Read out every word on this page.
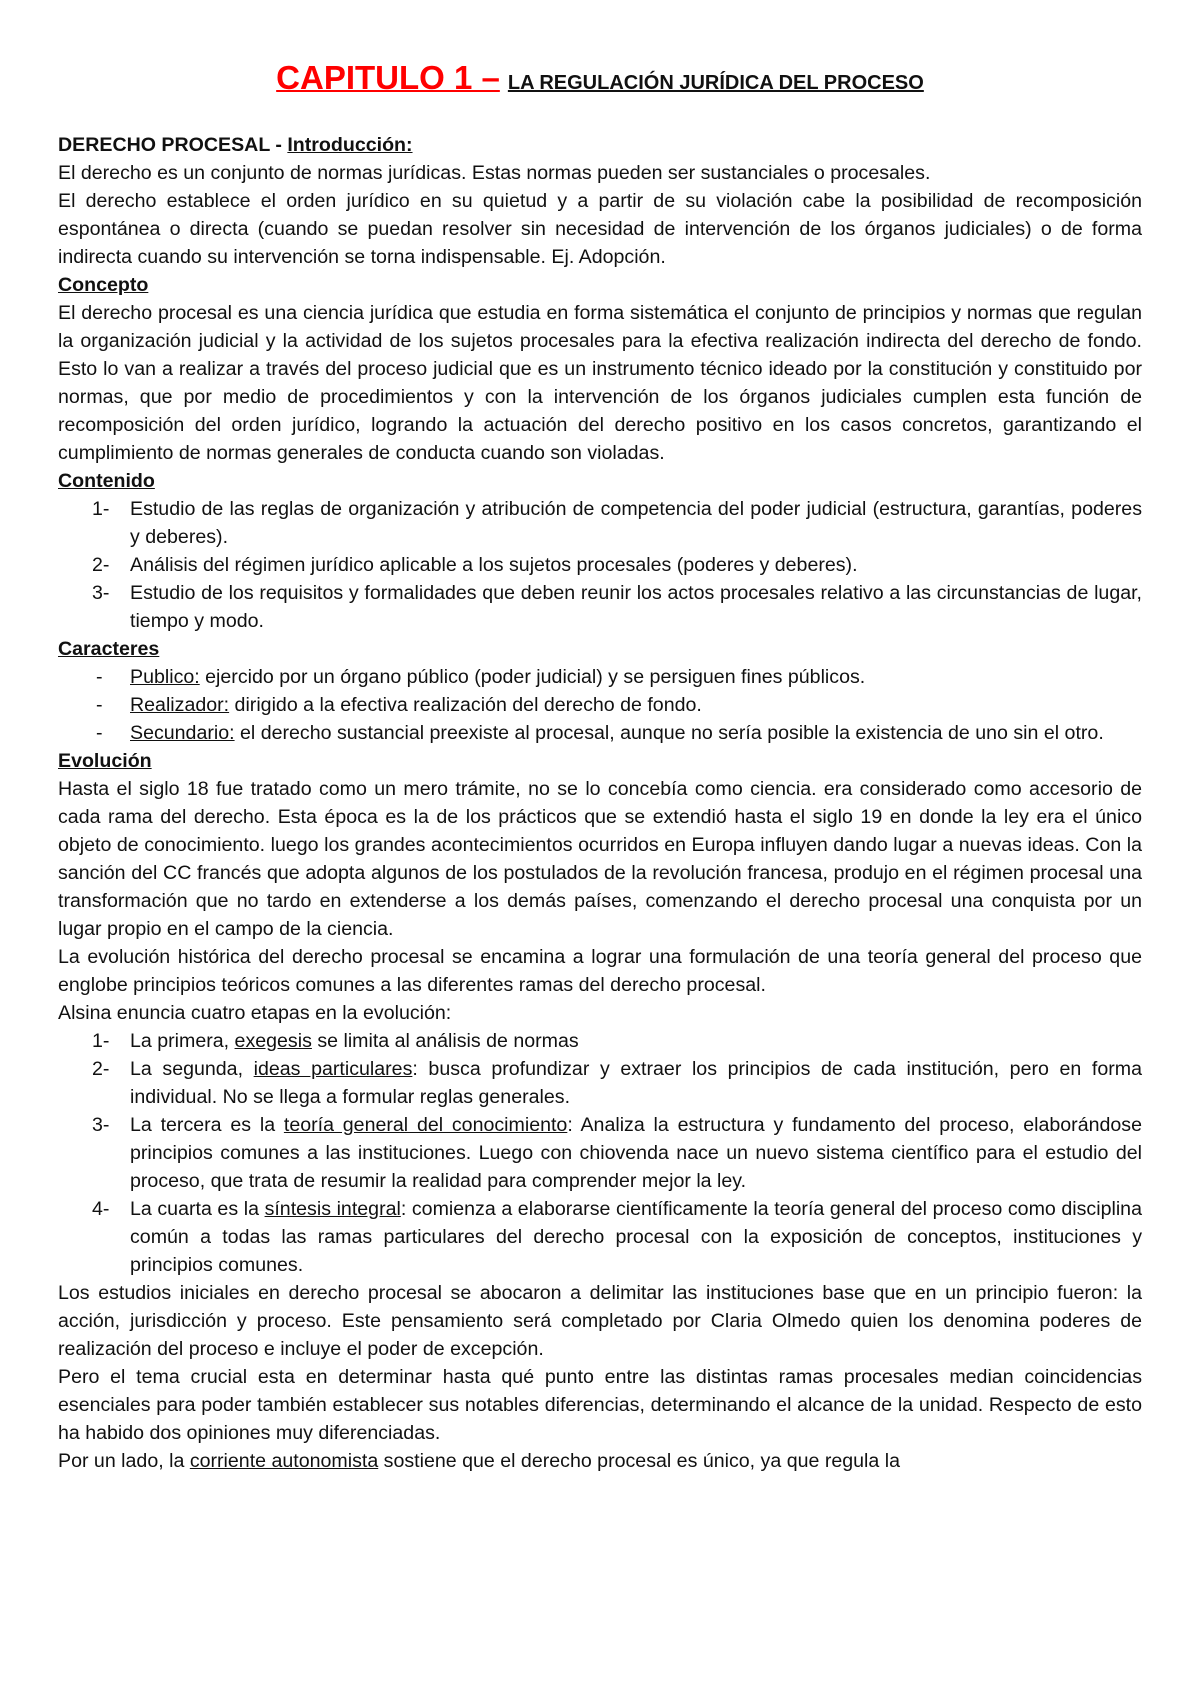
CAPITULO 1 – LA REGULACIÓN JURÍDICA DEL PROCESO
DERECHO PROCESAL - Introducción:

El derecho es un conjunto de normas jurídicas. Estas normas pueden ser sustanciales o procesales.

El derecho establece el orden jurídico en su quietud y a partir de su violación cabe la posibilidad de recomposición espontánea o directa (cuando se puedan resolver sin necesidad de intervención de los órganos judiciales) o de forma indirecta cuando su intervención se torna indispensable. Ej. Adopción.

Concepto

El derecho procesal es una ciencia jurídica que estudia en forma sistemática el conjunto de principios y normas que regulan la organización judicial y la actividad de los sujetos procesales para la efectiva realización indirecta del derecho de fondo. Esto lo van a realizar a través del proceso judicial que es un instrumento técnico ideado por la constitución y constituido por normas, que por medio de procedimientos y con la intervención de los órganos judiciales cumplen esta función de recomposición del orden jurídico, logrando la actuación del derecho positivo en los casos concretos, garantizando el cumplimiento de normas generales de conducta cuando son violadas.

Contenido
1-	Estudio de las reglas de organización y atribución de competencia del poder judicial (estructura, garantías, poderes y deberes).
2-	Análisis del régimen jurídico aplicable a los sujetos procesales (poderes y deberes).
3-	Estudio de los requisitos y formalidades que deben reunir los actos procesales relativo a las circunstancias de lugar, tiempo y modo.
Caracteres
-	Publico: ejercido por un órgano público (poder judicial) y se persiguen fines públicos.
-	Realizador: dirigido a la efectiva realización del derecho de fondo.
-	Secundario: el derecho sustancial preexiste al procesal, aunque no sería posible la existencia de uno sin el otro.
Evolución

Hasta el siglo 18 fue tratado como un mero trámite, no se lo concebía como ciencia. era considerado como accesorio de cada rama del derecho. Esta época es la de los prácticos que se extendió hasta el siglo 19 en donde la ley era el único objeto de conocimiento. luego los grandes acontecimientos ocurridos en Europa influyen dando lugar a nuevas ideas. Con la sanción del CC francés que adopta algunos de los postulados de la revolución francesa, produjo en el régimen procesal una transformación que no tardo en extenderse a los demás países, comenzando el derecho procesal una conquista por un lugar propio en el campo de la ciencia.

La evolución histórica del derecho procesal se encamina a lograr una formulación de una teoría general del proceso que englobe principios teóricos comunes a las diferentes ramas del derecho procesal.

Alsina enuncia cuatro etapas en la evolución:

1-	La primera, exegesis se limita al análisis de normas
2-	La segunda, ideas particulares: busca profundizar y extraer los principios de cada institución, pero en forma individual. No se llega a formular reglas generales.
3-	La tercera es la teoría general del conocimiento: Analiza la estructura y fundamento del proceso, elaborándose principios comunes a las instituciones. Luego con chiovenda nace un nuevo sistema científico para el estudio del proceso, que trata de resumir la realidad para comprender mejor la ley.
4-	La cuarta es la síntesis integral: comienza a elaborarse científicamente la teoría general del proceso como disciplina común a todas las ramas particulares del derecho procesal con la exposición de conceptos, instituciones y principios comunes.

Los estudios iniciales en derecho procesal se abocaron a delimitar las instituciones base que en un principio fueron: la acción, jurisdicción y proceso. Este pensamiento será completado por Claria Olmedo quien los denomina poderes de realización del proceso e incluye el poder de excepción.

Pero el tema crucial esta en determinar hasta qué punto entre las distintas ramas procesales median coincidencias esenciales para poder también establecer sus notables diferencias, determinando el alcance de la unidad. Respecto de esto ha habido dos opiniones muy diferenciadas.

Por un lado, la corriente autonomista sostiene que el derecho procesal es único, ya que regula la
